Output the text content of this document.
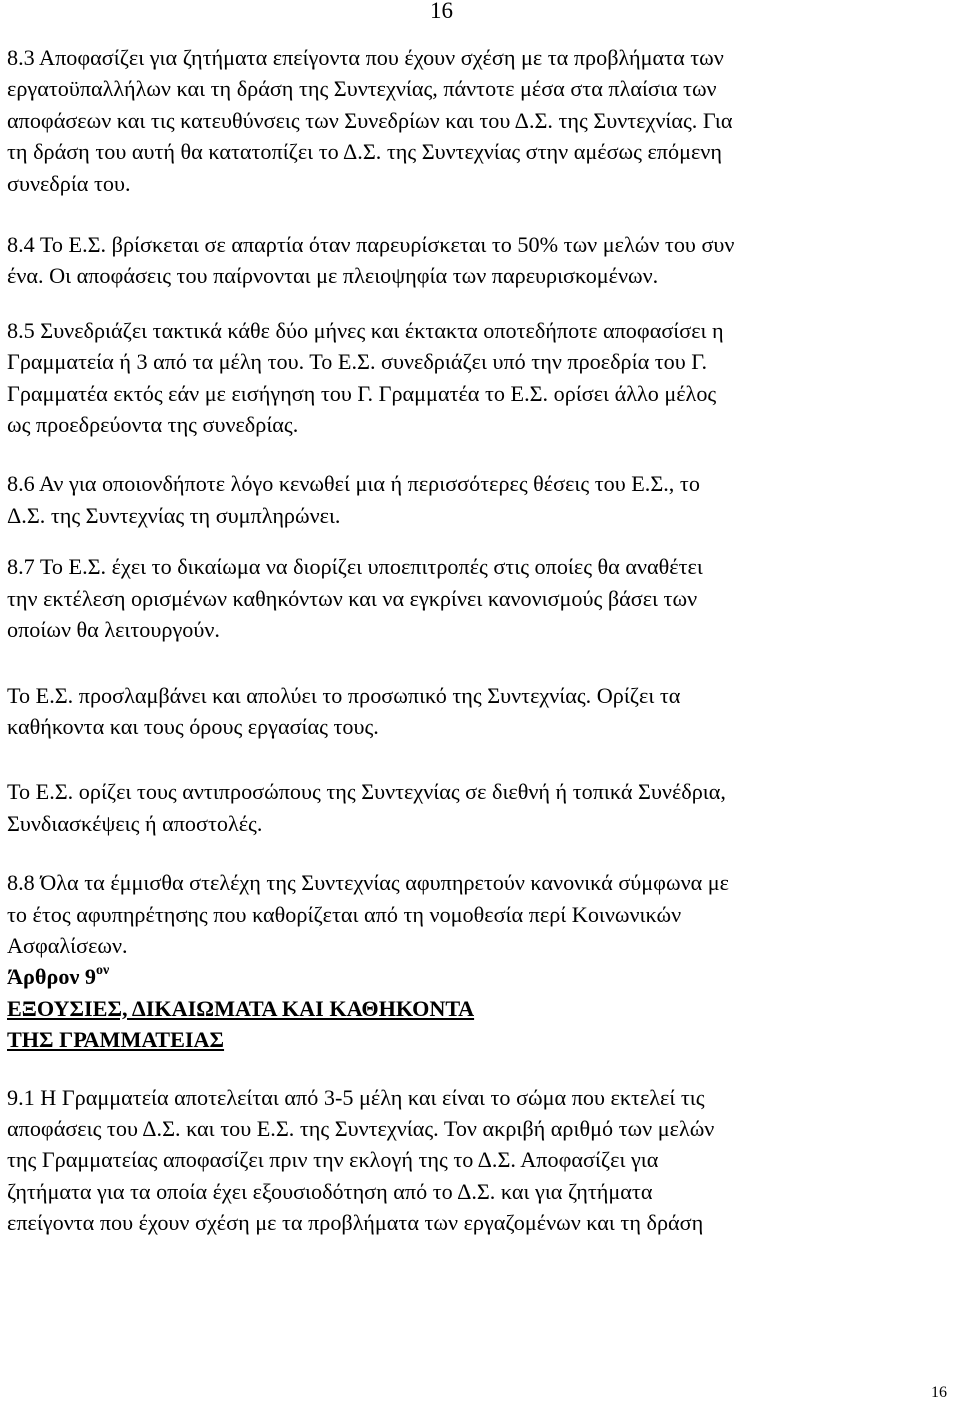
16

8.3 Αποφασίζει για ζητήματα επείγοντα που έχουν σχέση με τα προβλήματα των
εργατοϋπαλλήλων και τη δράση της Συντεχνίας, πάντοτε μέσα στα πλαίσια των
αποφάσεων και τις κατευθύνσεις των Συνεδρίων και του Δ.Σ. της Συντεχνίας. Για
τη δράση του αυτή θα κατατοπίζει το Δ.Σ. της Συντεχνίας στην αμέσως επόμενη
συνεδρία του.

8.4 Το Ε.Σ. βρίσκεται σε απαρτία όταν παρευρίσκεται το 50% των μελών του συν
ένα. Οι αποφάσεις του παίρνονται με πλειοψηφία των παρευρισκομένων.

8.5 Συνεδριάζει τακτικά κάθε δύο μήνες και έκτακτα οποτεδήποτε αποφασίσει η
Γραμματεία ή 3 από τα μέλη του. Το Ε.Σ. συνεδριάζει υπό την προεδρία του Γ.
Γραμματέα εκτός εάν με εισήγηση του Γ. Γραμματέα το Ε.Σ. ορίσει άλλο μέλος
ως προεδρεύοντα της συνεδρίας.

8.6 Αν για οποιονδήποτε λόγο κενωθεί μια ή περισσότερες θέσεις του Ε.Σ., το
Δ.Σ. της Συντεχνίας τη συμπληρώνει.

8.7 Το Ε.Σ. έχει το δικαίωμα να διορίζει υποεπιτροπές στις οποίες θα αναθέτει
την εκτέλεση ορισμένων καθηκόντων και να εγκρίνει κανονισμούς βάσει των
οποίων θα λειτουργούν.

Το Ε.Σ. προσλαμβάνει και απολύει το προσωπικό της Συντεχνίας. Ορίζει τα
καθήκοντα και τους όρους εργασίας τους.

Το Ε.Σ. ορίζει τους αντιπροσώπους της Συντεχνίας σε διεθνή ή τοπικά Συνέδρια,
Συνδιασκέψεις ή αποστολές.

8.8 Όλα τα έμμισθα στελέχη της Συντεχνίας αφυπηρετούν κανονικά σύμφωνα με
το έτος αφυπηρέτησης που καθορίζεται από τη νομοθεσία περί Κοινωνικών
Ασφαλίσεων.

Άρθρον $9^{o\nu}$

ΕΞΟΥΣΙΕΣ, ΔΙΚΑΙΩΜΑΤΑ ΚΑΙ ΚΑΘΗΚΟΝΤΑ
ΤΗΣ ΓΡΑΜΜΑΤΕΙΑΣ

9.1 Η Γραμματεία αποτελείται από 3-5 μέλη και είναι το σώμα που εκτελεί τις
αποφάσεις του Δ.Σ. και του Ε.Σ. της Συντεχνίας. Τον ακριβή αριθμό των μελών
της Γραμματείας αποφασίζει πριν την εκλογή της το Δ.Σ. Αποφασίζει για
ζητήματα για τα οποία έχει εξουσιοδότηση από το Δ.Σ. και για ζητήματα
επείγοντα που έχουν σχέση με τα προβλήματα των εργαζομένων και τη δράση

16
